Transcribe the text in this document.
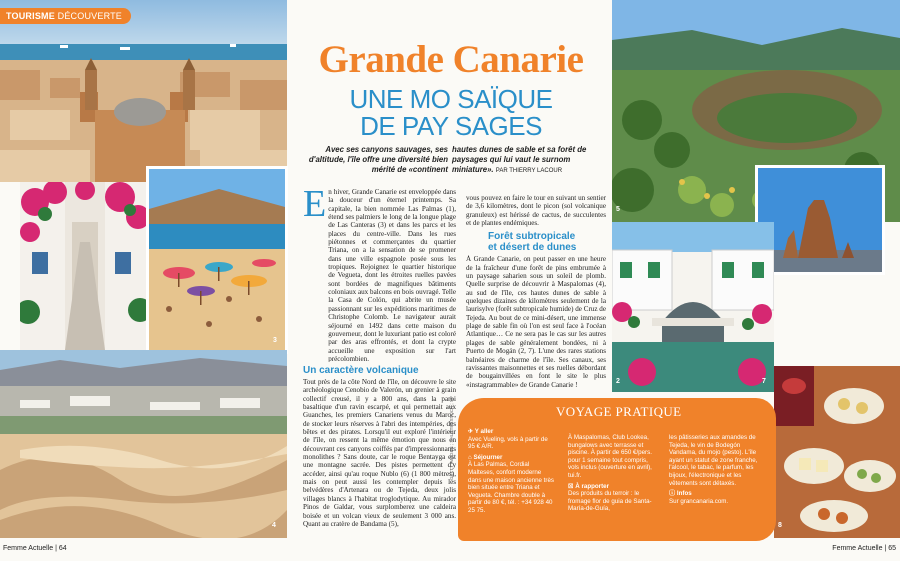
TOURISME
DÉCOUVERTE
3
4
Grande Canarie
UNE MO SAÏQUE
DE PAY SAGES
Avec ses canyons sauvages, ses d'altitude, l'île offre une diversité bien mérité de «continent
hautes dunes de sable et sa forêt de paysages qui lui vaut le surnom miniature». PAR THIERRY LACOUR
E n hiver, Grande Canarie est enveloppée dans la douceur d'un éternel printemps. Sa capitale, la bien nommée Las Palmas (1), étend ses palmiers le long de la longue plage de Las Canteras (3) et dans les parcs et les places du centre-ville. Dans les rues piétonnes et commerçantes du quartier Triana, on a la sensation de se promener dans une ville espagnole posée sous les tropiques. Rejoignez le quartier historique de Vegueta, dont les étroites ruelles pavées sont bordées de magnifiques bâtiments coloniaux aux balcons en bois ouvragé. Telle la Casa de Colón, qui abrite un musée passionnant sur les expéditions maritimes de Christophe Colomb. Le navigateur aurait séjourné en 1492 dans cette maison du gouverneur, dont le luxuriant patio est coloré par des aras effrontés, et dont la crypte accueille une exposition sur l'art précolombien.

Un caractère volcanique

Tout près de la côte Nord de l'île, on découvre le site archéologique Cenobio de Valerón, un grenier à grain collectif creusé, il y a 800 ans, dans la paroi basaltique d'un ravin escarpé, et qui permettait aux Guanches, les premiers Canariens venus du Maroc, de stocker leurs réserves à l'abri des intempéries, des bêtes et des pirates. Lorsqu'il eut exploré l'intérieur de l'île, on ressent la même émotion que nous en découvrant ces canyons coiffés par d'impressionnants monolithes ? Sans doute, car le roque Bentayga est une montagne sacrée. Des pistes permettent d'y accéder, ainsi qu'au roque Nublo (6) (1 800 mètres), mais on peut aussi les contempler depuis les belvédères d'Artenara ou de Tejeda, deux jolis villages blancs à l'habitat troglodytique. Au mirador Pinos de Galdar, vous surplomberez une caldeira boisée et un volcan vieux de seulement 3 000 ans. Quant au cratère de Bandama (5),

vous pouvez en faire le tour en suivant un sentier de 3,6 kilomètres, dont le picon (sol volcanique granuleux) est hérissé de cactus, de succulentes et de plantes endémiques.

Forêt subtropicale

et désert de dunes

À Grande Canarie, on peut passer en une heure de la fraîcheur d'une forêt de pins embrumée à un paysage saharien sous un soleil de plomb. Quelle surprise de découvrir à Maspalomas (4), au sud de l'île, ces hautes dunes de sable à quelques dizaines de kilomètres seulement de la laurisylve (forêt subtropicale humide) de Cruz de Tejeda. Au bout de ce mini-désert, une immense plage de sable fin où l'on est seul face à l'océan Atlantique… Ce ne sera pas le cas sur les autres plages de sable généralement bondées, ni à Puerto de Mogán (2, 7). L'une des rares stations balnéaires de charme de l'île. Ses canaux, ses ravissantes maisonnettes et ses ruelles débordant de bougainvillées en font le site le plus «instagrammable» de Grande Canarie !

5
2	7
8
VOYAGE PRATIQUE
✈ Y aller
Avec Vueling, vols à partir de 95 € A/R.
⌂ Séjourner
À Las Palmas, Cordial Malteses, confort moderne dans une maison ancienne très bien située entre Triana et Vegueta. Chambre double à partir de 80 €, tél. : +34 928 40 25 75.
À Maspalomas, Club Lookea, bungalows avec terrasse et piscine. À partir de 650 €/pers. pour 1 semaine tout compris, vols inclus (ouverture en avril), tui.fr.
☒ À rapporter
Des produits du terroir : le fromage flor de guia de Santa-María-de-Guía,
les pâtisseries aux amandes de Tejeda, le vin de Bodegón Vandama, du mojo (pesto). L'île ayant un statut de zone franche, l'alcool, le tabac, le parfum, les bijoux, l'électronique et les vêtements sont détaxés.
ⓘ Infos
Sur grancanaria.com.
GETTY IMAGES ; SHUTTERSTOCK ; SP
Femme Actuelle | 64	Femme Actuelle | 65
